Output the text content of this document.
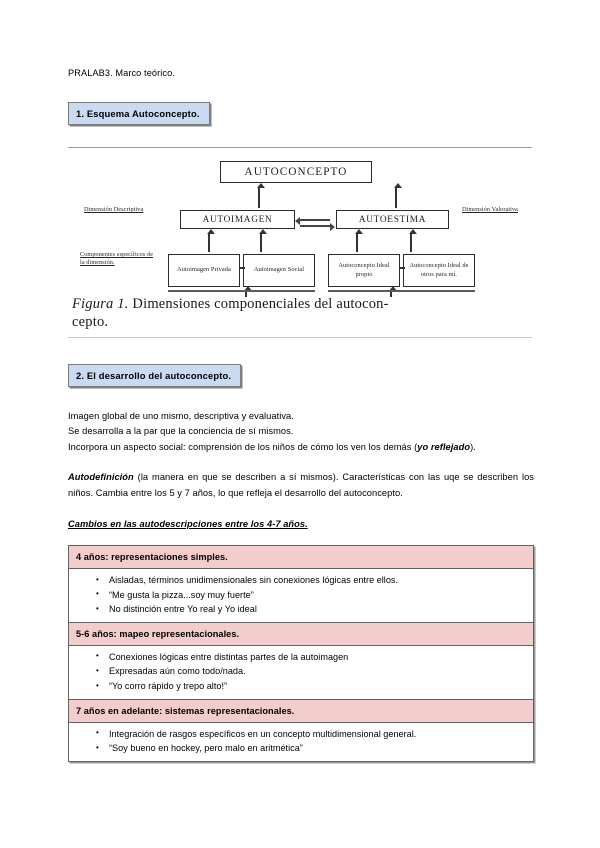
PRALAB3. Marco teórico.

1. Esquema Autoconcepto.
AUTOCONCEPTO
AUTOIMAGEN	AUTOESTIMA
Autoimagen Privada	Autoimagen Social
Autoconcepto Ideal propio
Autoconcepto Ideal de otros para mí.
Dimensión Descriptiva	Dimensión Valorativa
Componentes específicos de la dimensión.
Figura 1. Dimensiones componenciales del autocon-
cepto.
2. El desarrollo del autoconcepto.

Imagen global de uno mismo, descriptiva y evaluativa.
Se desarrolla a la par que la conciencia de sí mismos.
Incorpora un aspecto social: comprensión de los niños de cómo los ven los demás (yo reflejado).

Autodefinición (la manera en que se describen a sí mismos). Características con las uqe se describen los niños. Cambia entre los 5 y 7 años, lo que refleja el desarrollo del autoconcepto.

Cambios en las autodescripciones entre los 4-7 años.

4 años: representaciones simples.

• Aisladas, términos unidimensionales sin conexiones lógicas entre ellos.
• “Me gusta la pizza...soy muy fuerte”
• No distinción entre Yo real y Yo ideal

5-6 años: mapeo representacionales.

• Conexiones lógicas entre distintas partes de la autoimagen
• Expresadas aún como todo/nada.
• “Yo corro rápido y trepo alto!”

7 años en adelante: sistemas representacionales.

• Integración de rasgos específicos en un concepto multidimensional general.
• “Soy bueno en hockey, pero malo en aritmética”
